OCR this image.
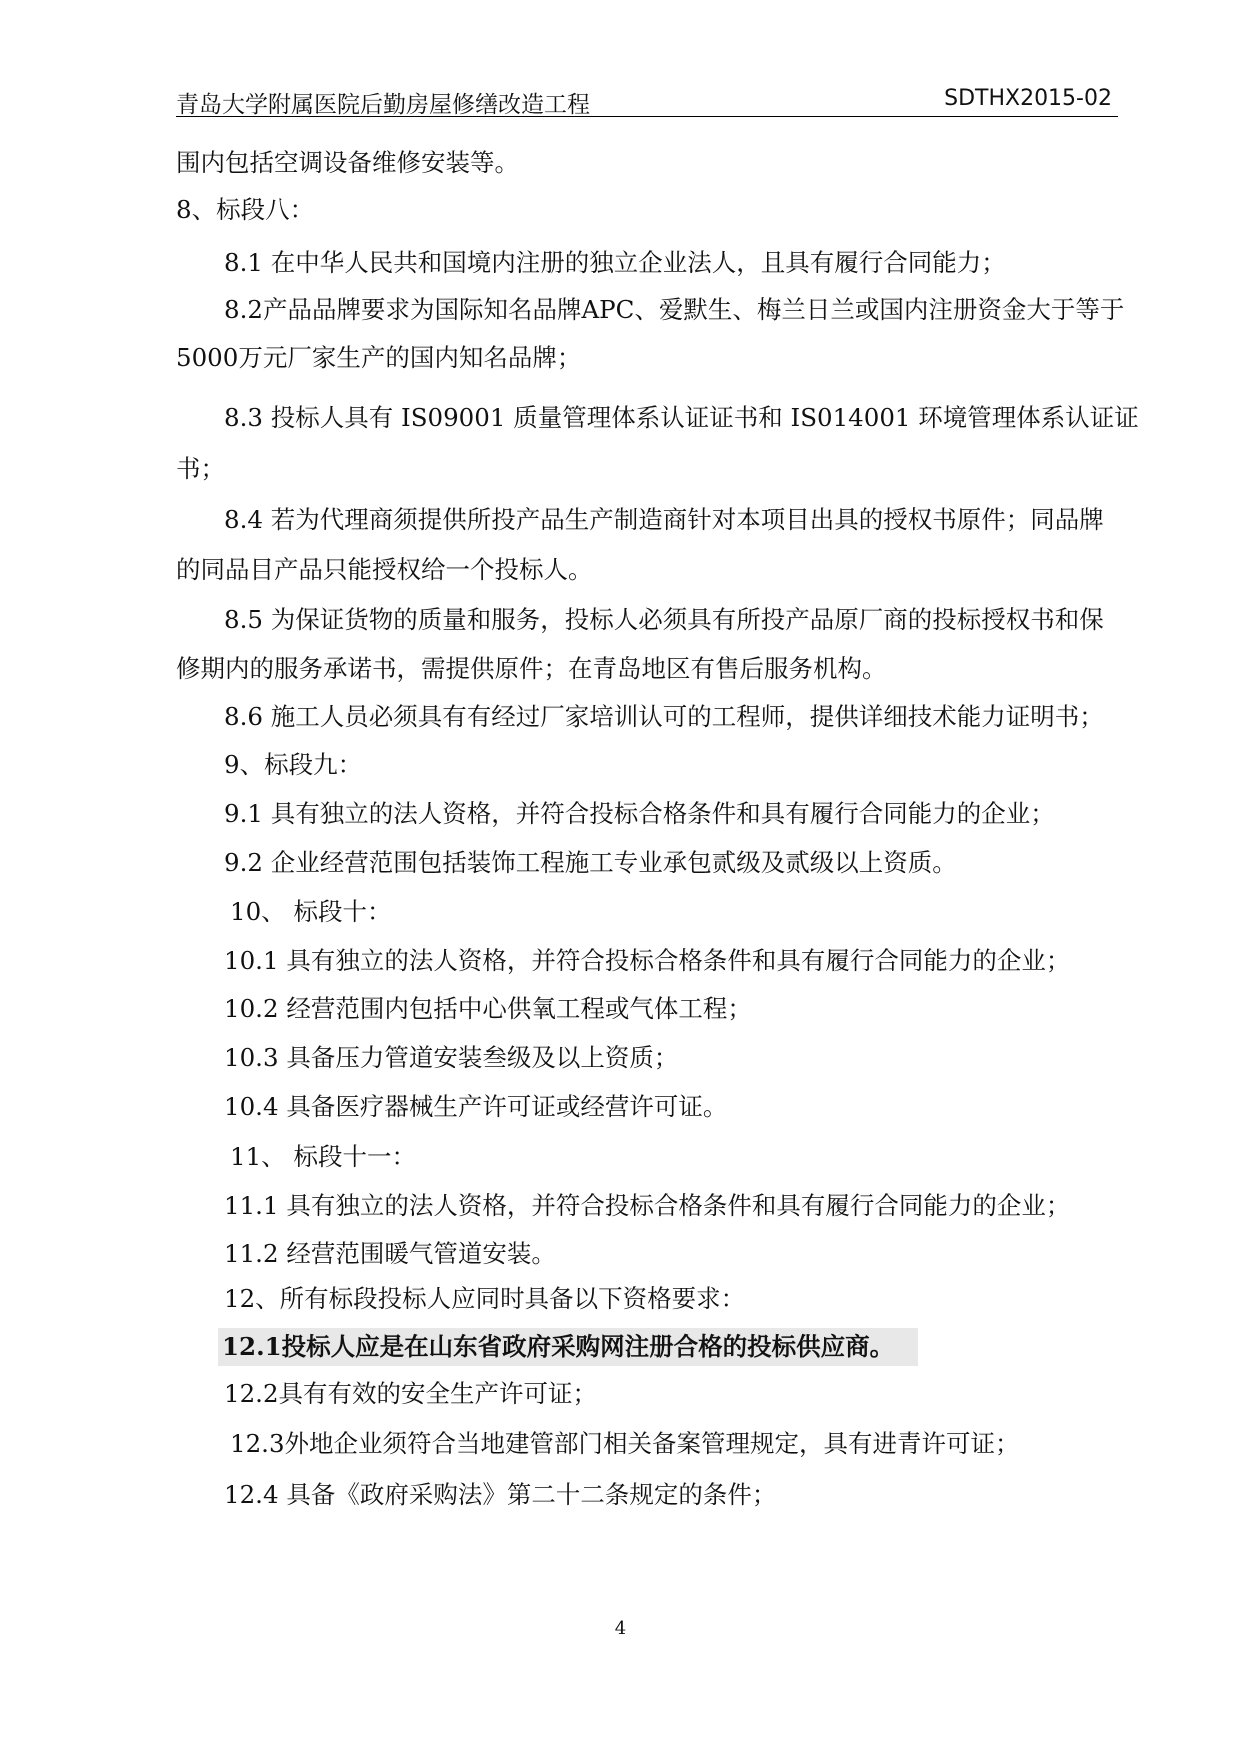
青岛大学附属医院后勤房屋修缮改造工程	SDTHX2015-02
围内包括空调设备维修安装等。
8、标段八：
8.1 在中华人民共和国境内注册的独立企业法人，且具有履行合同能力；
8.2产品品牌要求为国际知名品牌APC、爱默生、梅兰日兰或国内注册资金大于等于
5000万元厂家生产的国内知名品牌；
8.3 投标人具有 IS09001 质量管理体系认证证书和 IS014001 环境管理体系认证证
书；
8.4 若为代理商须提供所投产品生产制造商针对本项目出具的授权书原件；同品牌
的同品目产品只能授权给一个投标人。
8.5 为保证货物的质量和服务，投标人必须具有所投产品原厂商的投标授权书和保
修期内的服务承诺书，需提供原件；在青岛地区有售后服务机构。
8.6 施工人员必须具有有经过厂家培训认可的工程师，提供详细技术能力证明书；
9、标段九：
9.1 具有独立的法人资格，并符合投标合格条件和具有履行合同能力的企业；
9.2 企业经营范围包括装饰工程施工专业承包贰级及贰级以上资质。
10、 标段十：
10.1 具有独立的法人资格，并符合投标合格条件和具有履行合同能力的企业；
10.2 经营范围内包括中心供氧工程或气体工程；
10.3 具备压力管道安装叁级及以上资质；
10.4 具备医疗器械生产许可证或经营许可证。
11、 标段十一：
11.1 具有独立的法人资格，并符合投标合格条件和具有履行合同能力的企业；
11.2 经营范围暖气管道安装。
12、所有标段投标人应同时具备以下资格要求：
12.1投标人应是在山东省政府采购网注册合格的投标供应商。
12.2具有有效的安全生产许可证；
12.3外地企业须符合当地建管部门相关备案管理规定，具有进青许可证；
12.4 具备《政府采购法》第二十二条规定的条件；
4
